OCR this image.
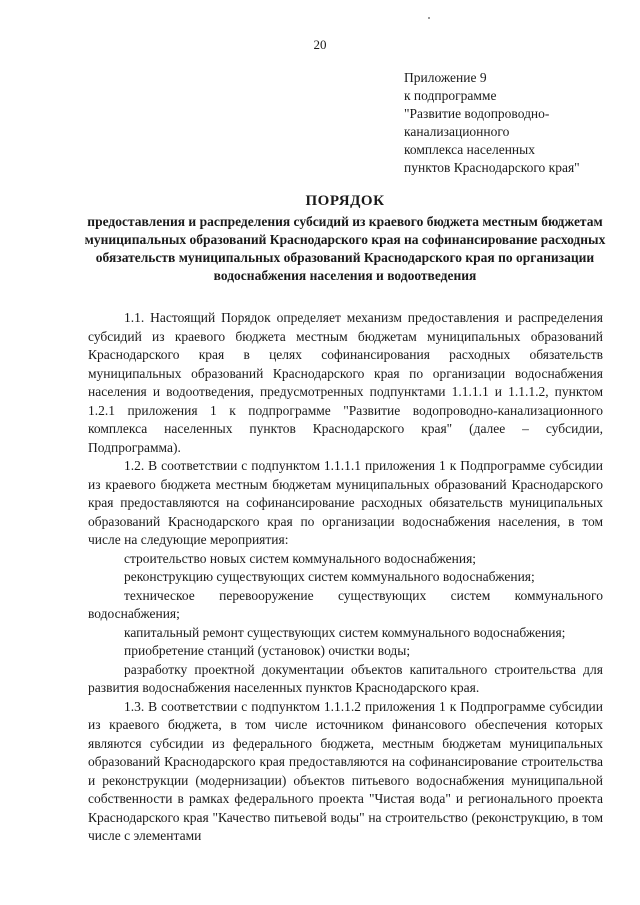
20
Приложение 9
к подпрограмме
"Развитие водопроводно-
канализационного
комплекса населенных
пунктов Краснодарского края"
ПОРЯДОК
предоставления и распределения субсидий из краевого бюджета местным бюджетам муниципальных образований Краснодарского края на софинансирование расходных обязательств муниципальных образований Краснодарского края по организации водоснабжения населения и водоотведения

1.1. Настоящий Порядок определяет механизм предоставления и распределения субсидий из краевого бюджета местным бюджетам муниципальных образований Краснодарского края в целях софинансирования расходных обязательств муниципальных образований Краснодарского края по организации водоснабжения населения и водоотведения, предусмотренных подпунктами 1.1.1.1 и 1.1.1.2, пунктом 1.2.1 приложения 1 к подпрограмме "Развитие водопроводно-канализационного комплекса населенных пунктов Краснодарского края" (далее – субсидии, Подпрограмма).

1.2. В соответствии с подпунктом 1.1.1.1 приложения 1 к Подпрограмме субсидии из краевого бюджета местным бюджетам муниципальных образований Краснодарского края предоставляются на софинансирование расходных обязательств муниципальных образований Краснодарского края по организации водоснабжения населения, в том числе на следующие мероприятия:

строительство новых систем коммунального водоснабжения;

реконструкцию существующих систем коммунального водоснабжения;

техническое перевооружение существующих систем коммунального водоснабжения;

капитальный ремонт существующих систем коммунального водоснабжения;

приобретение станций (установок) очистки воды;

разработку проектной документации объектов капитального строительства для развития водоснабжения населенных пунктов Краснодарского края.

1.3. В соответствии с подпунктом 1.1.1.2 приложения 1 к Подпрограмме субсидии из краевого бюджета, в том числе источником финансового обеспечения которых являются субсидии из федерального бюджета, местным бюджетам муниципальных образований Краснодарского края предоставляются на софинансирование строительства и реконструкции (модернизации) объектов питьевого водоснабжения муниципальной собственности в рамках федерального проекта "Чистая вода" и регионального проекта Краснодарского края "Качество питьевой воды" на строительство (реконструкцию, в том числе с элементами
